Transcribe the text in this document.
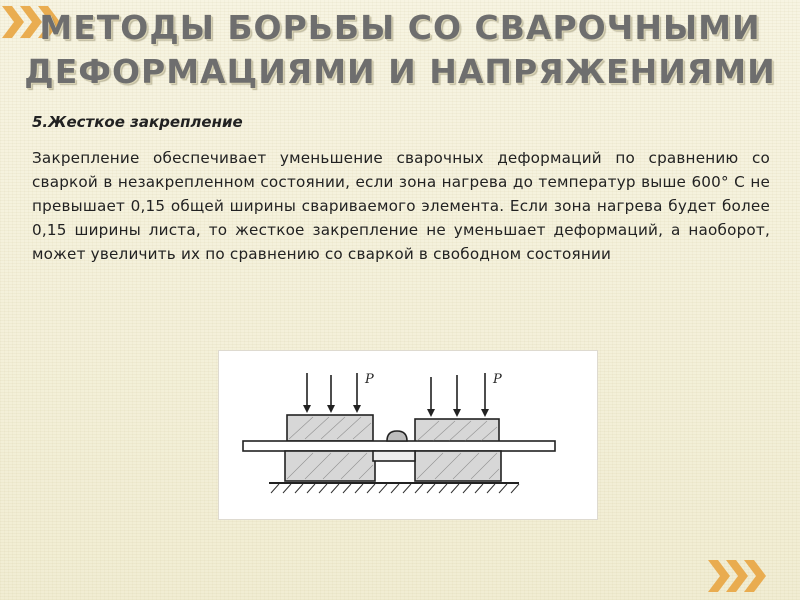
МЕТОДЫ БОРЬБЫ СО СВАРОЧНЫМИ
ДЕФОРМАЦИЯМИ И НАПРЯЖЕНИЯМИ

5.Жесткое закрепление

Закрепление обеспечивает уменьшение сварочных деформаций по сравнению со сваркой в незакрепленном состоянии, если зона нагрева до температур выше 600° С не превышает 0,15 общей ширины свариваемого элемента. Если зона нагрева будет более 0,15 ширины листа, то жесткое закрепление не уменьшает деформаций, а наоборот, может увеличить их по сравнению со сваркой в свободном состоянии

P	P
